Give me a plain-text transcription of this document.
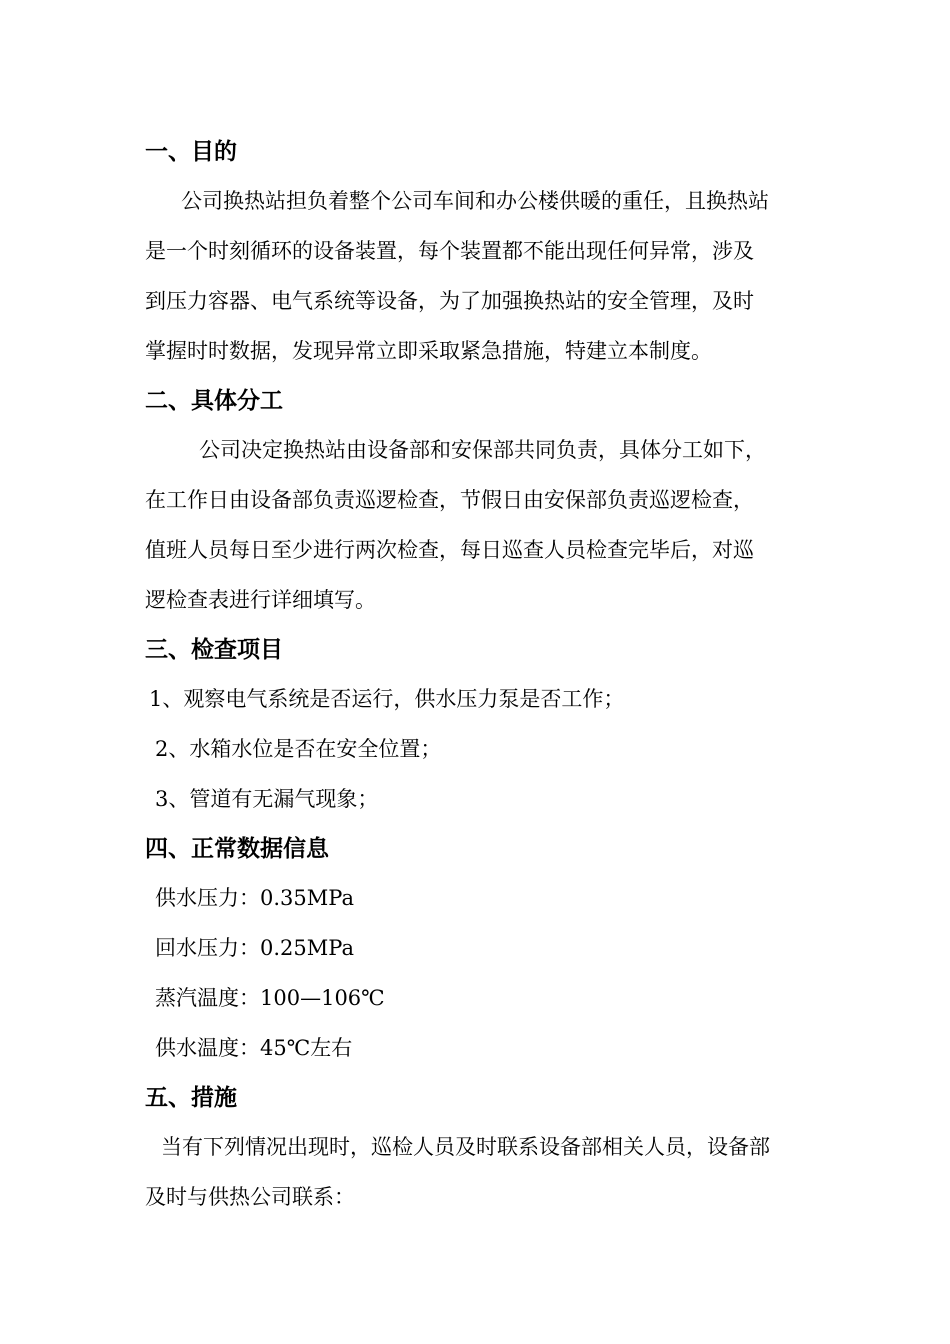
一、目的
公司换热站担负着整个公司车间和办公楼供暖的重任，且换热站
是一个时刻循环的设备装置，每个装置都不能出现任何异常，涉及
到压力容器、电气系统等设备，为了加强换热站的安全管理，及时
掌握时时数据，发现异常立即采取紧急措施，特建立本制度。
二、具体分工
公司决定换热站由设备部和安保部共同负责，具体分工如下，
在工作日由设备部负责巡逻检查，节假日由安保部负责巡逻检查，
值班人员每日至少进行两次检查，每日巡查人员检查完毕后，对巡
逻检查表进行详细填写。
三、检查项目
1、观察电气系统是否运行，供水压力泵是否工作；
2、水箱水位是否在安全位置；
3、管道有无漏气现象；
四、正常数据信息
供水压力：0.35MPa
回水压力：0.25MPa
蒸汽温度：100—106℃
供水温度：45℃左右
五、措施
当有下列情况出现时，巡检人员及时联系设备部相关人员，设备部
及时与供热公司联系：
